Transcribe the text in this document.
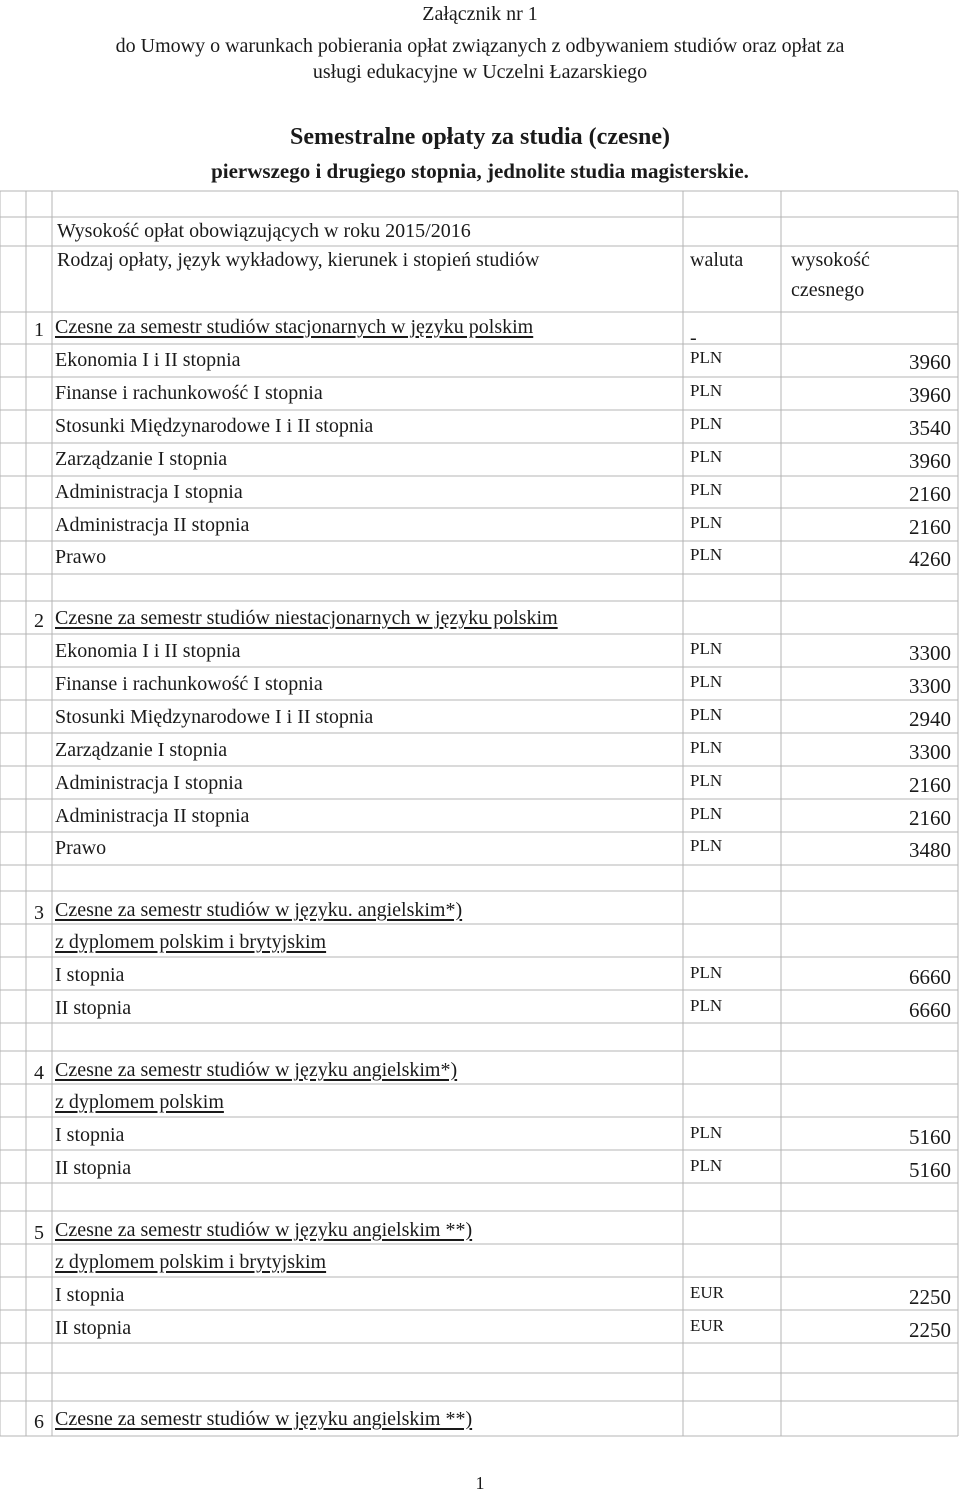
Załącznik nr 1
do Umowy o warunkach pobierania opłat związanych z odbywaniem studiów oraz opłat za
usługi edukacyjne w Uczelni Łazarskiego
Semestralne opłaty za studia (czesne)
pierwszego i drugiego stopnia, jednolite studia magisterskie.
Wysokość opłat obowiązujących w roku 2015/2016
Rodzaj opłaty, język wykładowy, kierunek i stopień studiów	waluta wysokość
czesnego
1 Czesne za semestr studiów stacjonarnych w języku polskim	-
Ekonomia I i II stopnia	PLN	3960
Finanse i rachunkowość I stopnia	PLN	3960
Stosunki Międzynarodowe I i II stopnia	PLN	3540
Zarządzanie I stopnia	PLN	3960
Administracja I stopnia	PLN	2160
Administracja II stopnia	PLN	2160
Prawo	PLN	4260
2 Czesne za semestr studiów niestacjonarnych w języku polskim
Ekonomia I i II stopnia	PLN	3300
Finanse i rachunkowość I stopnia	PLN	3300
Stosunki Międzynarodowe I i II stopnia	PLN	2940
Zarządzanie I stopnia	PLN	3300
Administracja I stopnia	PLN	2160
Administracja II stopnia	PLN	2160
Prawo	PLN	3480
3 Czesne za semestr studiów w języku. angielskim*)
z dyplomem polskim i brytyjskim
I stopnia	PLN	6660
II stopnia	PLN	6660
4 Czesne za semestr studiów w języku angielskim*)
z dyplomem polskim
I stopnia	PLN	5160
II stopnia	PLN	5160
5 Czesne za semestr studiów w języku angielskim **)
z dyplomem polskim i brytyjskim
I stopnia	EUR	2250
II stopnia	EUR	2250
6 Czesne za semestr studiów w języku angielskim **)
1
